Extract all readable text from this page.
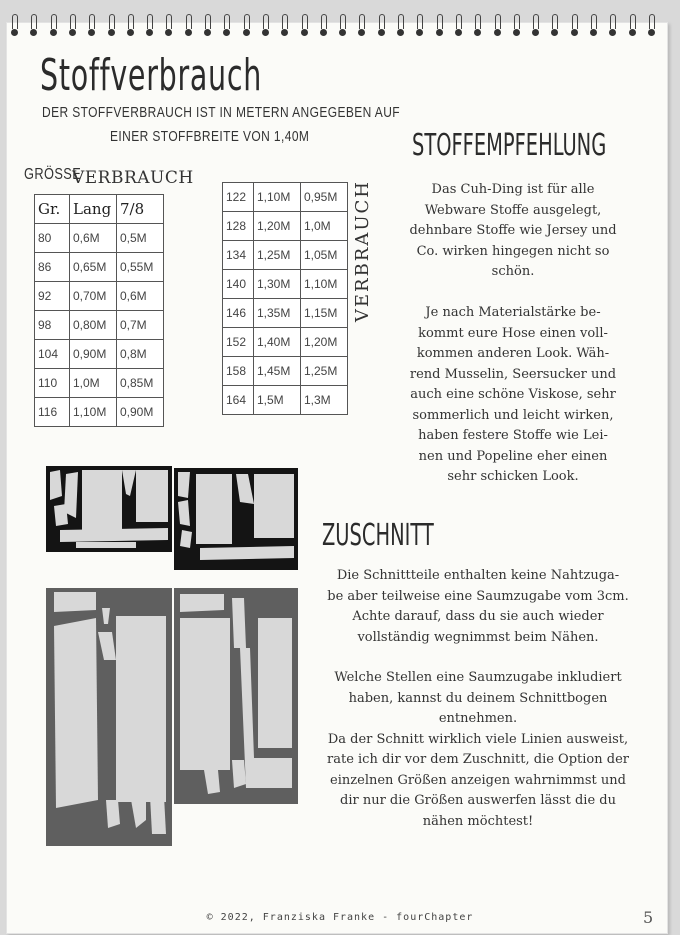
Stoffverbrauch
DER STOFFVERBRAUCH IST IN METERN ANGEGEBEN AUF
EINER STOFFBREITE VON 1,40M
GRÖSSE
VERBRAUCH
Gr.	Lang	7/8
80	0,6M	0,5M
86	0,65M	0,55M
92	0,70M	0,6M
98	0,80M	0,7M
104	0,90M	0,8M
110	1,0M	0,85M
116	1,10M	0,90M
122	1,10M	0,95M
128	1,20M	1,0M
134	1,25M	1,05M
140	1,30M	1,10M
146	1,35M	1,15M
152	1,40M	1,20M
158	1,45M	1,25M
164	1,5M	1,3M
VERBRAUCH
STOFFEMPFEHLUNG
Das Cuh-Ding ist für alle
Webware Stoffe ausgelegt,
dehnbare Stoffe wie Jersey und
Co. wirken hingegen nicht so
schön.
Je nach Materialstärke be-
kommt eure Hose einen voll-
kommen anderen Look. Wäh-
rend Musselin, Seersucker und
auch eine schöne Viskose, sehr
sommerlich und leicht wirken,
haben festere Stoffe wie Lei-
nen und Popeline eher einen
sehr schicken Look.
ZUSCHNITT
Die Schnittteile enthalten keine Nahtzuga-
be aber teilweise eine Saumzugabe vom 3cm.
Achte darauf, dass du sie auch wieder
vollständig wegnimmst beim Nähen.
Welche Stellen eine Saumzugabe inkludiert
haben, kannst du deinem Schnittbogen
entnehmen.
Da der Schnitt wirklich viele Linien ausweist,
rate ich dir vor dem Zuschnitt, die Option der
einzelnen Größen anzeigen wahrnimmst und
dir nur die Größen auswerfen lässt die du
nähen möchtest!
© 2022, Franziska Franke - fourChapter	5
